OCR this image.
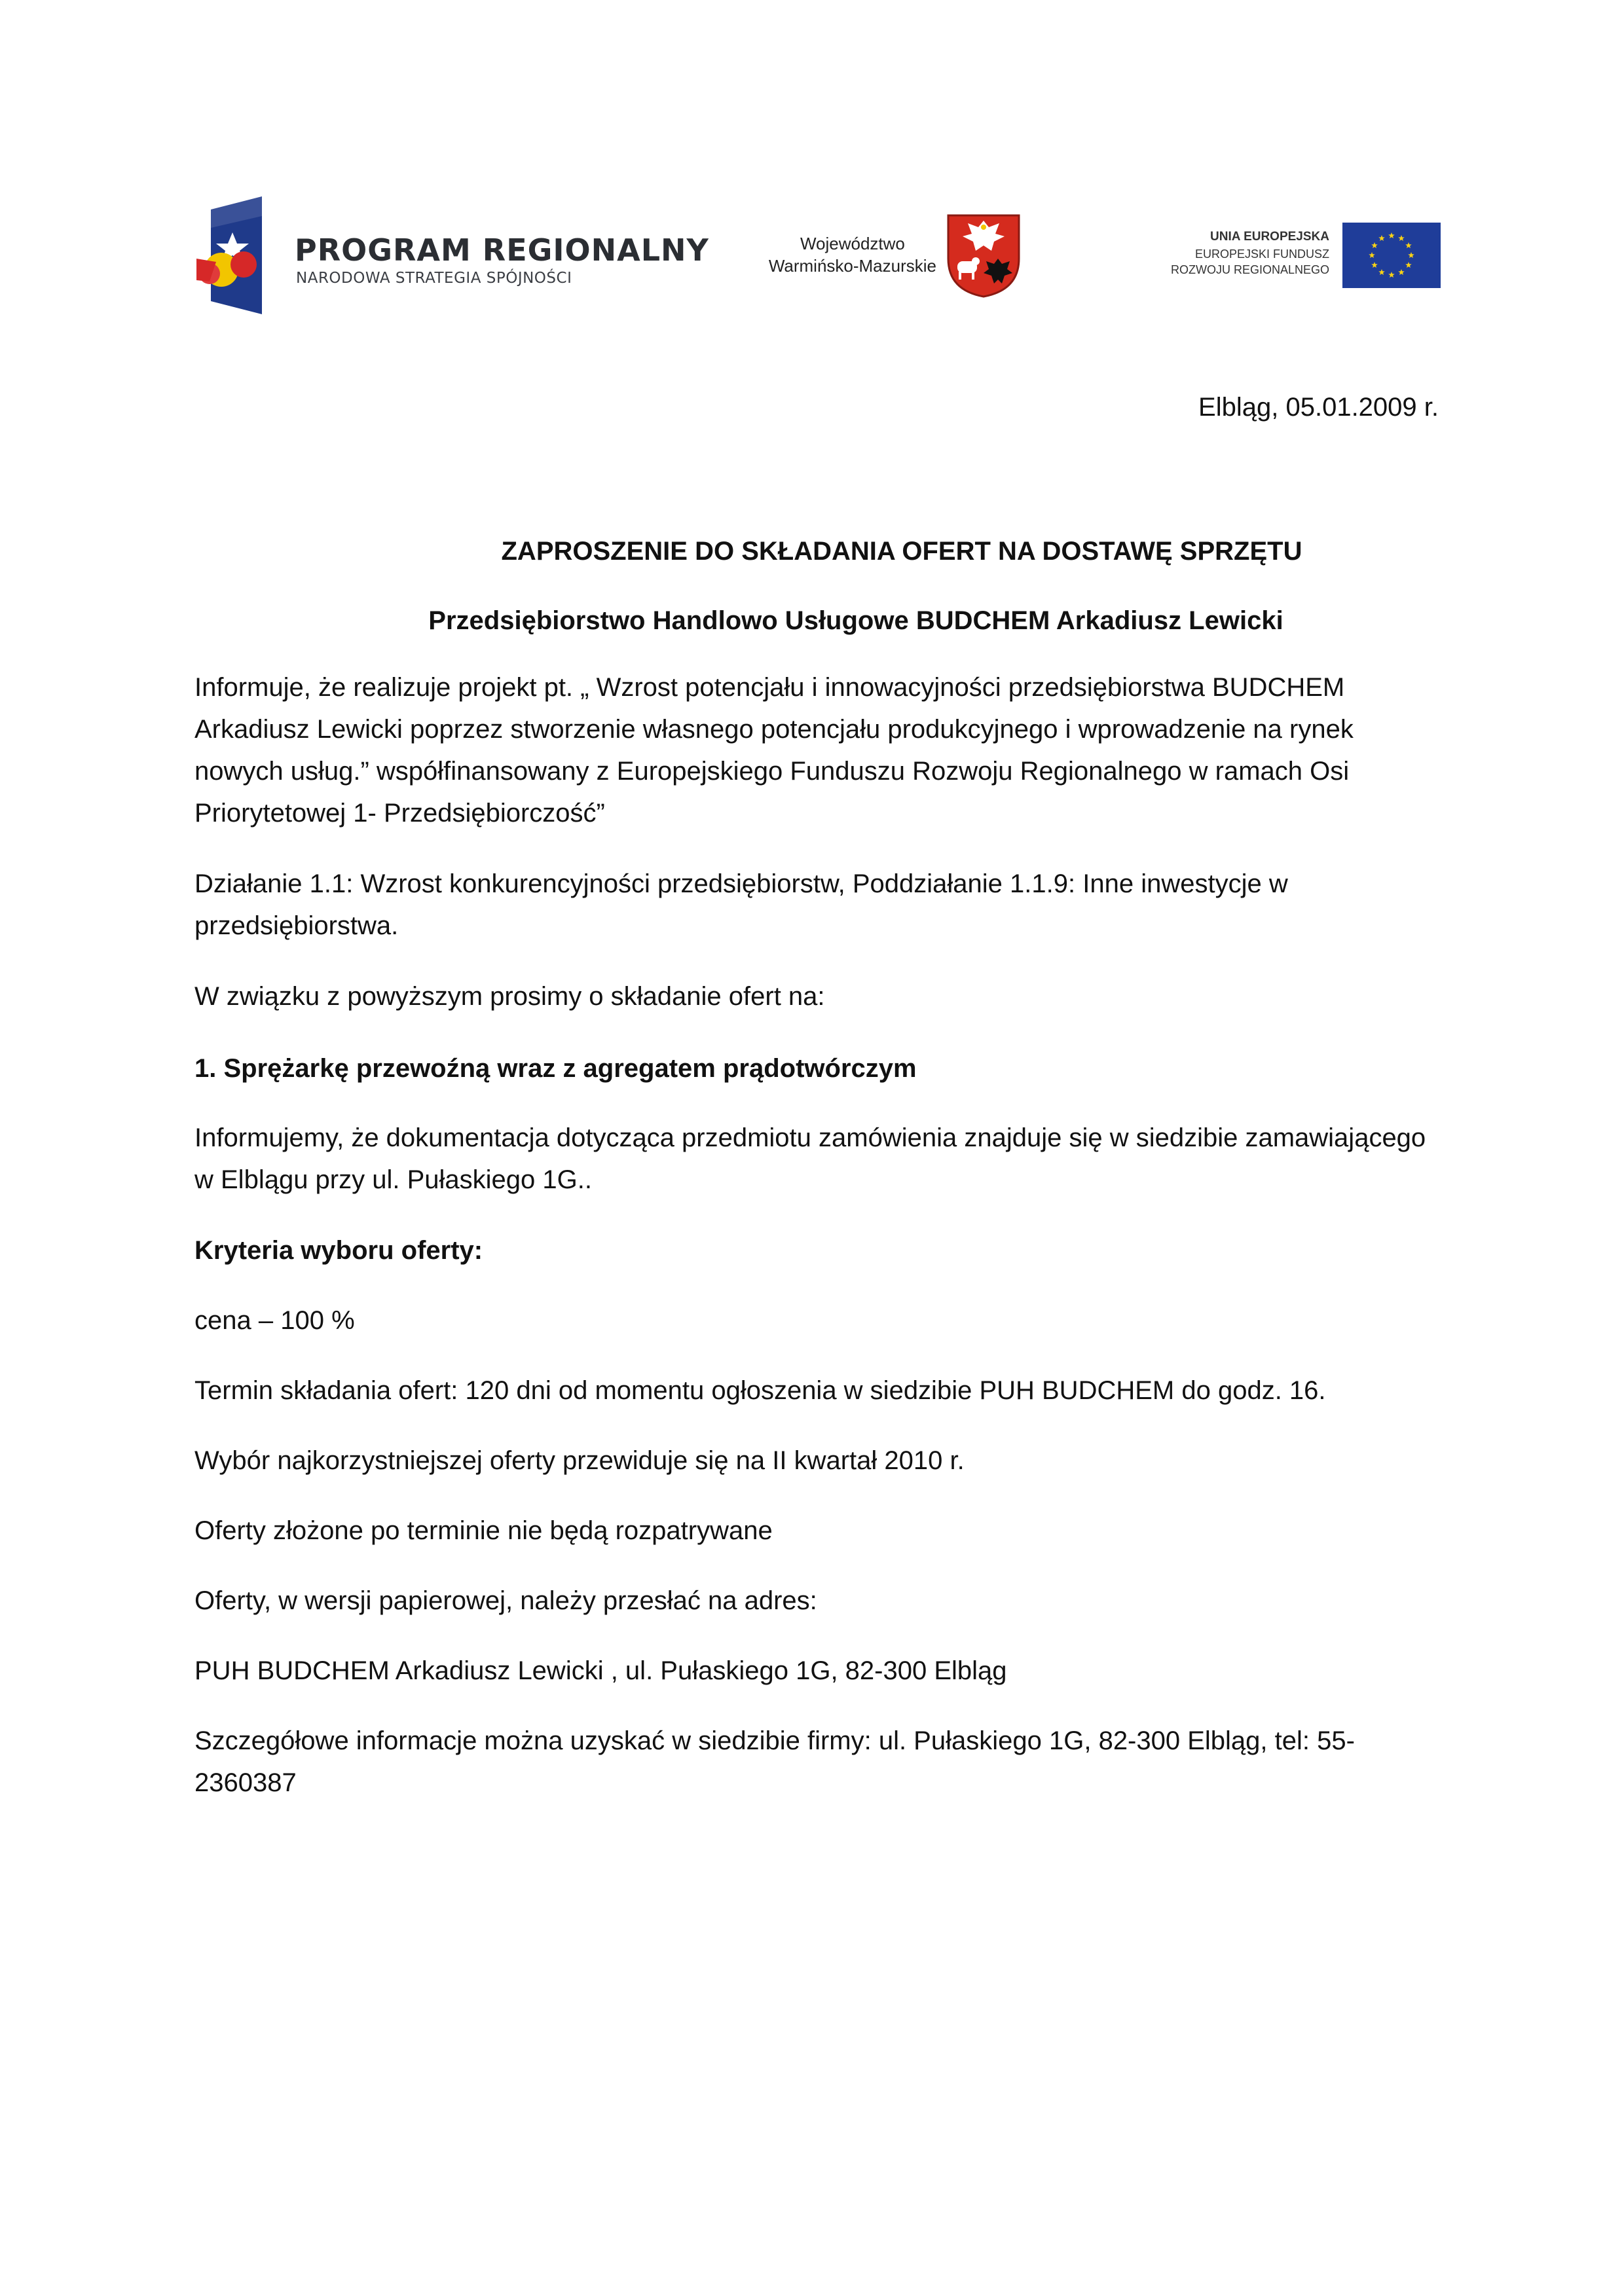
PROGRAM REGIONALNY
NARODOWA STRATEGIA SPÓJNOŚCI
Województwo
Warmińsko-Mazurskie
UNIA EUROPEJSKA
EUROPEJSKI FUNDUSZ
ROZWOJU REGIONALNEGO
Elbląg, 05.01.2009 r.
ZAPROSZENIE DO SKŁADANIA OFERT NA DOSTAWĘ SPRZĘTU
Przedsiębiorstwo Handlowo Usługowe BUDCHEM Arkadiusz Lewicki

Informuje, że realizuje projekt pt. „ Wzrost potencjału i innowacyjności przedsiębiorstwa BUDCHEM Arkadiusz Lewicki poprzez stworzenie własnego potencjału produkcyjnego i wprowadzenie na rynek nowych usług.” współfinansowany z Europejskiego Funduszu Rozwoju Regionalnego w ramach Osi Priorytetowej 1- Przedsiębiorczość”

Działanie 1.1: Wzrost konkurencyjności przedsiębiorstw, Poddziałanie 1.1.9: Inne inwestycje w przedsiębiorstwa.

W związku z powyższym prosimy o składanie ofert na:

1. Sprężarkę przewoźną wraz z agregatem prądotwórczym

Informujemy, że dokumentacja dotycząca przedmiotu zamówienia znajduje się w siedzibie zamawiającego w Elblągu przy ul. Pułaskiego 1G..

Kryteria wyboru oferty:

cena – 100 %

Termin składania ofert: 120 dni od momentu ogłoszenia w siedzibie PUH BUDCHEM do godz. 16.

Wybór najkorzystniejszej oferty przewiduje się na II kwartał 2010 r.

Oferty złożone po terminie nie będą rozpatrywane

Oferty, w wersji papierowej, należy przesłać na adres:

PUH BUDCHEM Arkadiusz Lewicki , ul. Pułaskiego 1G, 82-300 Elbląg

Szczegółowe informacje można uzyskać w siedzibie firmy: ul. Pułaskiego 1G, 82-300 Elbląg, tel: 55-2360387
